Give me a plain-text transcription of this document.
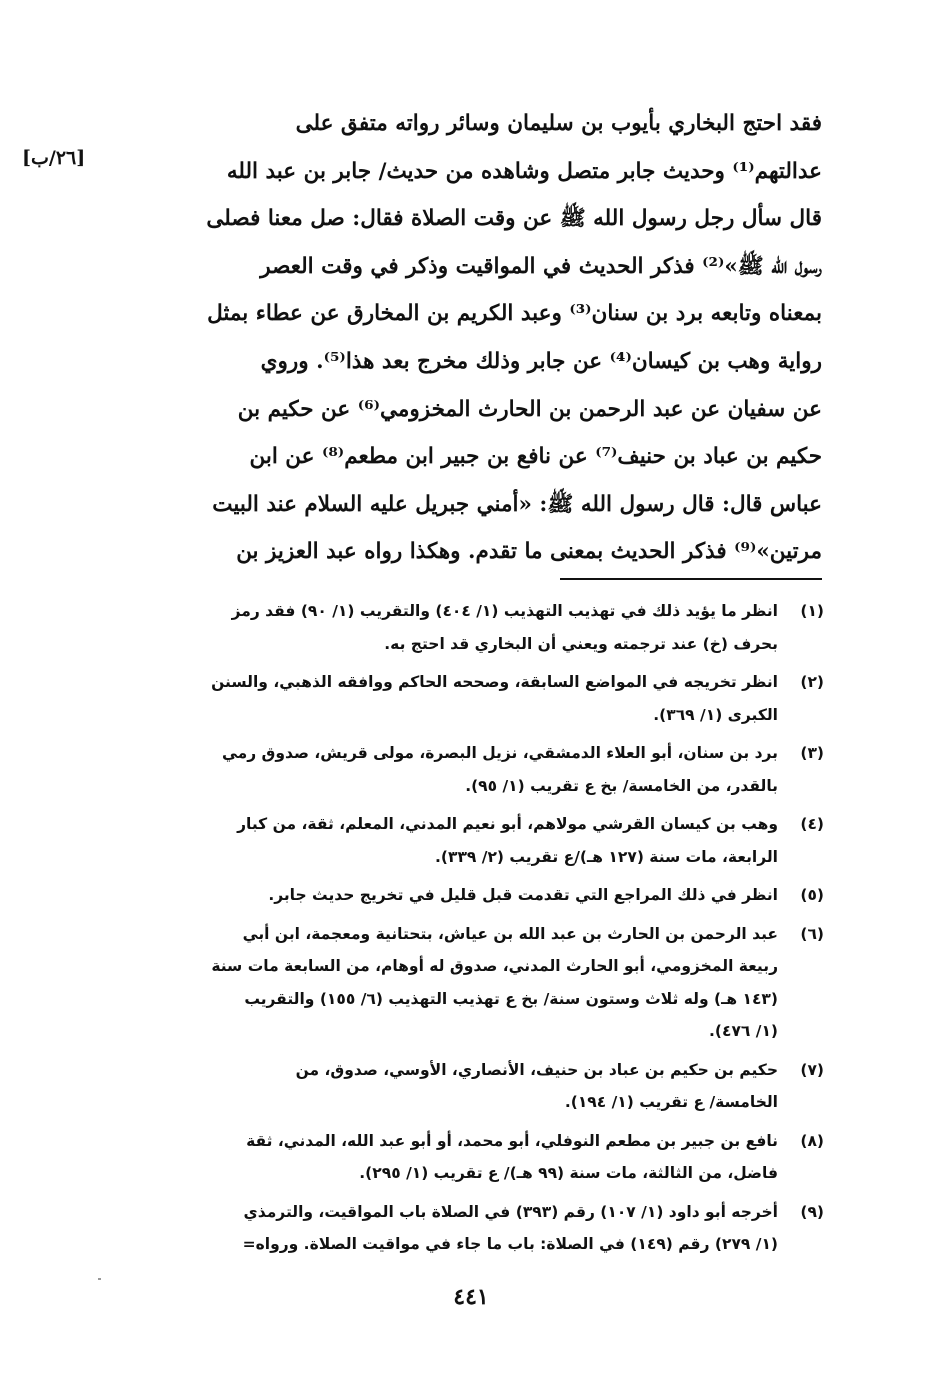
[٢٦/ب]
فقد احتج البخاري بأيوب بن سليمان وسائر رواته متفق على
عدالتهم⁽¹⁾ وحديث جابر متصل وشاهده من حديث/ جابر بن عبد الله
قال سأل رجل رسول الله ﷺ عن وقت الصلاة فقال: صل معنا فصلى
رسول الله ﷺ»⁽²⁾ فذكر الحديث في المواقيت وذكر في وقت العصر
بمعناه وتابعه برد بن سنان⁽³⁾ وعبد الكريم بن المخارق عن عطاء بمثل
رواية وهب بن كيسان⁽⁴⁾ عن جابر وذلك مخرج بعد هذا⁽⁵⁾. وروي
عن سفيان عن عبد الرحمن بن الحارث المخزومي⁽⁶⁾ عن حكيم بن
حكيم بن عباد بن حنيف⁽⁷⁾ عن نافع بن جبير ابن مطعم⁽⁸⁾ عن ابن
عباس قال: قال رسول الله ﷺ: «أمني جبريل عليه السلام عند البيت
مرتين»⁽⁹⁾ فذكر الحديث بمعنى ما تقدم. وهكذا رواه عبد العزيز بن
(١)
انظر ما يؤيد ذلك في تهذيب التهذيب (١/ ٤٠٤) والتقريب (١/ ٩٠) فقد رمز
بحرف (خ) عند ترجمته ويعني أن البخاري قد احتج به.
(٢)
انظر تخريجه في المواضع السابقة، وصححه الحاكم ووافقه الذهبي، والسنن
الكبرى (١/ ٣٦٩).
(٣)
برد بن سنان، أبو العلاء الدمشقي، نزيل البصرة، مولى قريش، صدوق رمي
بالقدر، من الخامسة/ بخ ع تقريب (١/ ٩٥).
(٤)
وهب بن كيسان القرشي مولاهم، أبو نعيم المدني، المعلم، ثقة، من كبار
الرابعة، مات سنة (١٢٧ هـ)/ع تقريب (٢/ ٣٣٩).
(٥)
انظر في ذلك المراجع التي تقدمت قبل قليل في تخريج حديث جابر.
(٦)
عبد الرحمن بن الحارث بن عبد الله بن عياش، بتحتانية ومعجمة، ابن أبي
ربيعة المخزومي، أبو الحارث المدني، صدوق له أوهام، من السابعة مات سنة
(١٤٣ هـ) وله ثلاث وستون سنة/ بخ ع تهذيب التهذيب (٦/ ١٥٥) والتقريب
(١/ ٤٧٦).
(٧)
حكيم بن حكيم بن عباد بن حنيف، الأنصاري، الأوسي، صدوق، من
الخامسة/ ع تقريب (١/ ١٩٤).
(٨)
نافع بن جبير بن مطعم النوفلي، أبو محمد، أو أبو عبد الله، المدني، ثقة
فاضل، من الثالثة، مات سنة (٩٩ هـ)/ ع تقريب (١/ ٢٩٥).
(٩)
أخرجه أبو داود (١/ ١٠٧) رقم (٣٩٣) في الصلاة باب المواقيت، والترمذي
(١/ ٢٧٩) رقم (١٤٩) في الصلاة: باب ما جاء في مواقيت الصلاة. ورواه=
٤٤١
